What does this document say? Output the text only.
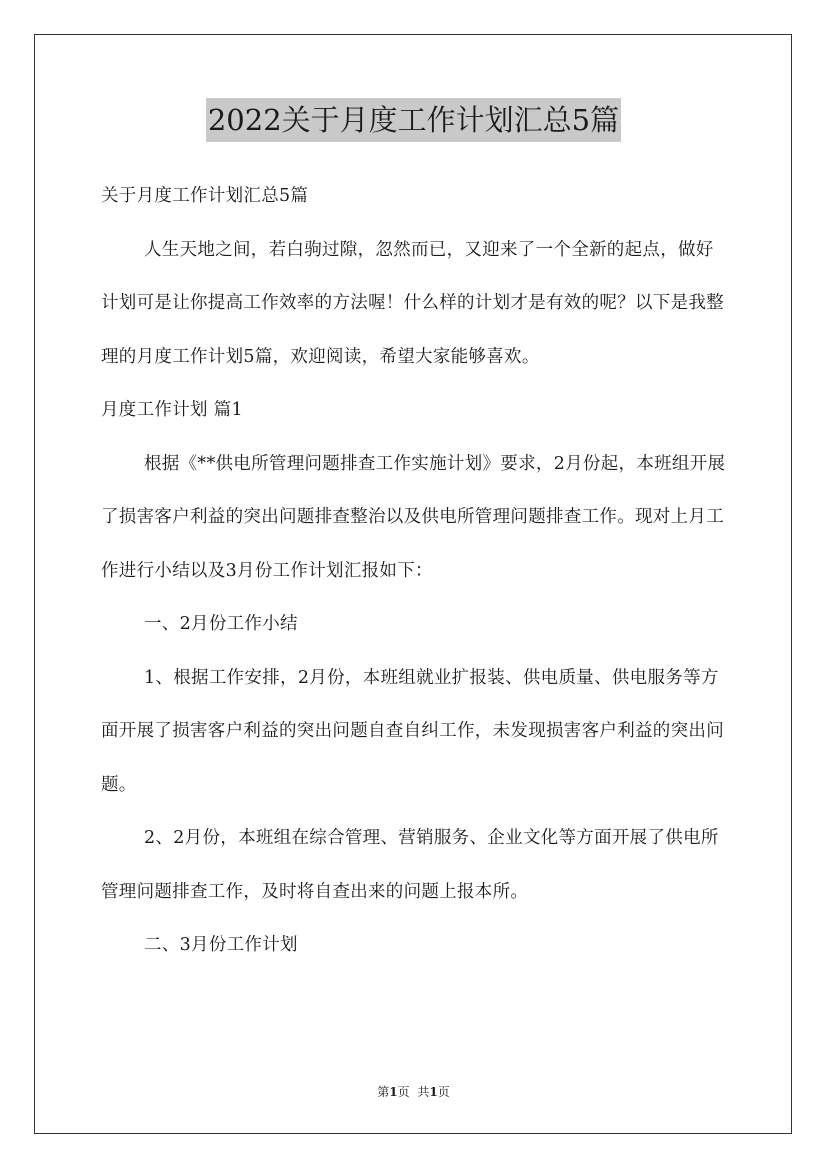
2022关于月度工作计划汇总5篇

关于月度工作计划汇总5篇

人生天地之间，若白驹过隙，忽然而已，又迎来了一个全新的起点，做好计划可是让你提高工作效率的方法喔！什么样的计划才是有效的呢？以下是我整理的月度工作计划5篇，欢迎阅读，希望大家能够喜欢。

月度工作计划 篇1

根据《**供电所管理问题排查工作实施计划》要求，2月份起，本班组开展了损害客户利益的突出问题排查整治以及供电所管理问题排查工作。现对上月工作进行小结以及3月份工作计划汇报如下：

一、2月份工作小结

1、根据工作安排，2月份，本班组就业扩报装、供电质量、供电服务等方面开展了损害客户利益的突出问题自查自纠工作，未发现损害客户利益的突出问题。

2、2月份，本班组在综合管理、营销服务、企业文化等方面开展了供电所管理问题排查工作，及时将自查出来的问题上报本所。

二、3月份工作计划

第1页 共1页
